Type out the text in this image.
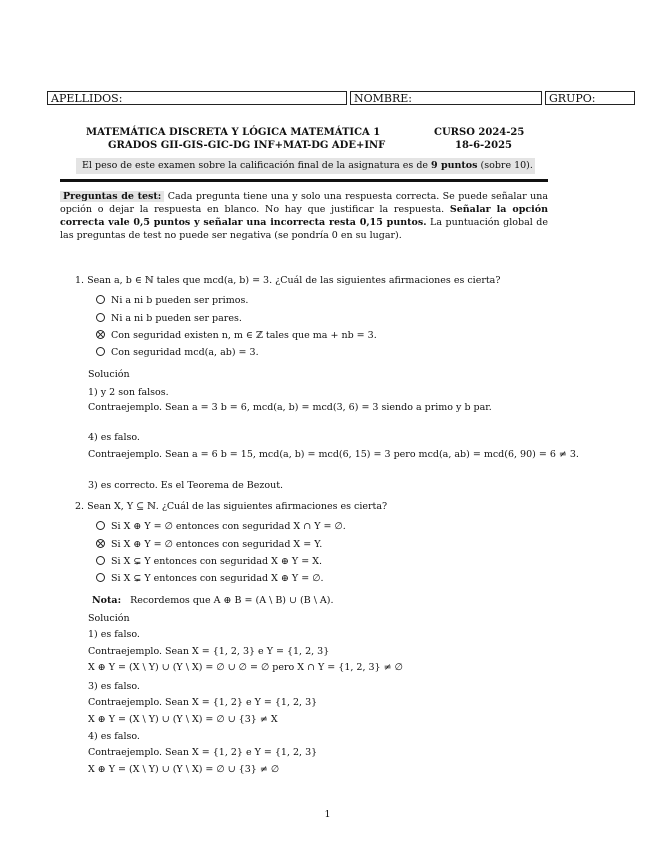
APELLIDOS:	NOMBRE:	GRUPO:
MATEMÁTICA DISCRETA Y LÓGICA MATEMÁTICA 1	CURSO 2024-25
GRADOS GII-GIS-GIC-DG INF+MAT-DG ADE+INF	18-6-2025
El peso de este examen sobre la calificación final de la asignatura es de 9 puntos (sobre 10).
Preguntas de test: Cada pregunta tiene una y solo una respuesta correcta. Se puede señalar una opción o dejar la respuesta en blanco. No hay que justificar la respuesta. Señalar la opción correcta vale 0,5 puntos y señalar una incorrecta resta 0,15 puntos. La puntuación global de las preguntas de test no puede ser negativa (se pondría 0 en su lugar).
1. Sean a, b ∈ ℕ tales que mcd(a, b) = 3. ¿Cuál de las siguientes afirmaciones es cierta?
Ni a ni b pueden ser primos.
Ni a ni b pueden ser pares.
Con seguridad existen n, m ∈ ℤ tales que ma + nb = 3.
Con seguridad mcd(a, ab) = 3.
Solución
1) y 2 son falsos.
Contraejemplo. Sean a = 3 b = 6, mcd(a, b) = mcd(3, 6) = 3 siendo a primo y b par.
4) es falso.
Contraejemplo. Sean a = 6 b = 15, mcd(a, b) = mcd(6, 15) = 3 pero mcd(a, ab) = mcd(6, 90) = 6 ≠ 3.
3) es correcto. Es el Teorema de Bezout.
2. Sean X, Y ⊆ ℕ. ¿Cuál de las siguientes afirmaciones es cierta?
Si X ⊕ Y = ∅ entonces con seguridad X ∩ Y = ∅.
Si X ⊕ Y = ∅ entonces con seguridad X = Y.
Si X ⊊ Y entonces con seguridad X ⊕ Y = X.
Si X ⊊ Y entonces con seguridad X ⊕ Y = ∅.
Nota: Recordemos que A ⊕ B = (A \ B) ∪ (B \ A).
Solución
1) es falso.
Contraejemplo. Sean X = {1, 2, 3} e Y = {1, 2, 3}
X ⊕ Y = (X \ Y) ∪ (Y \ X) = ∅ ∪ ∅ = ∅ pero X ∩ Y = {1, 2, 3} ≠ ∅
3) es falso.
Contraejemplo. Sean X = {1, 2} e Y = {1, 2, 3}
X ⊕ Y = (X \ Y) ∪ (Y \ X) = ∅ ∪ {3} ≠ X
4) es falso.
Contraejemplo. Sean X = {1, 2} e Y = {1, 2, 3}
X ⊕ Y = (X \ Y) ∪ (Y \ X) = ∅ ∪ {3} ≠ ∅
1
